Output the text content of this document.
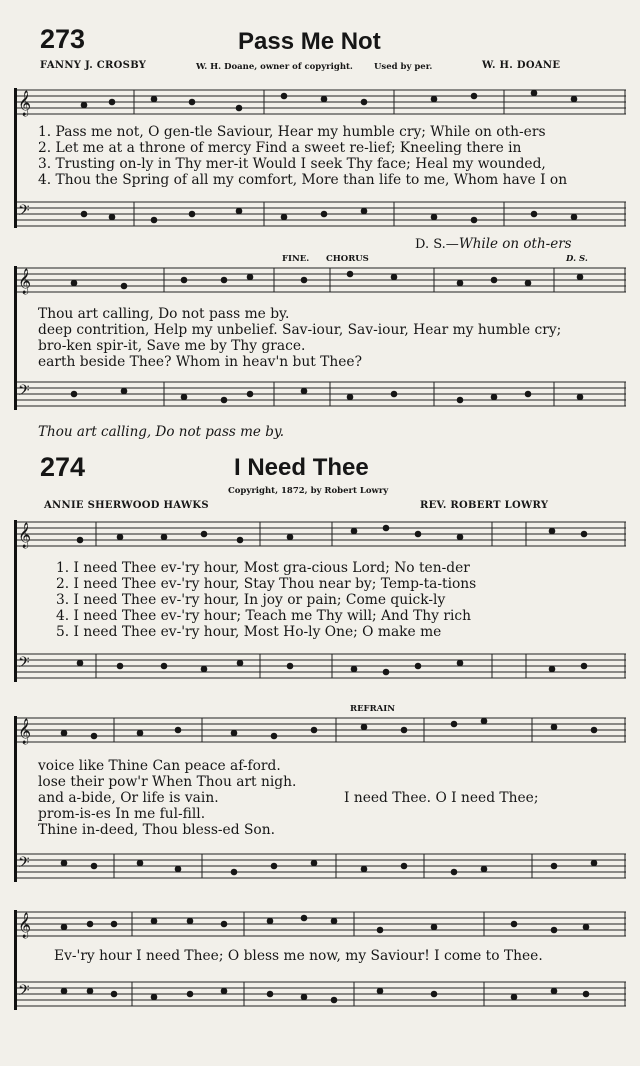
273	Pass Me Not
FANNY J. CROSBY	W. H. Doane, owner of copyright. Used by per.	W. H. DOANE
𝄞
1. Pass me not, O gen-tle Saviour, Hear my humble cry; While on oth-ers
2. Let me at a throne of mercy Find a sweet re-lief; Kneeling there in
3. Trusting on-ly in Thy mer-it Would I seek Thy face; Heal my wounded,
4. Thou the Spring of all my comfort, More than life to me, Whom have I on
𝄢
D. S.—While on oth-ers
FINE. CHORUS	D. S.
𝄞
Thou art calling, Do not pass me by.
deep contrition, Help my unbelief. Sav-iour, Sav-iour, Hear my humble cry;
bro-ken spir-it, Save me by Thy grace.
earth beside Thee? Whom in heav'n but Thee?
𝄢
Thou art calling, Do not pass me by.
274	I Need Thee
Copyright, 1872, by Robert Lowry
ANNIE SHERWOOD HAWKS	REV. ROBERT LOWRY
𝄞
1. I need Thee ev-'ry hour, Most gra-cious Lord; No ten-der
2. I need Thee ev-'ry hour, Stay Thou near by; Temp-ta-tions
3. I need Thee ev-'ry hour, In joy or pain; Come quick-ly
4. I need Thee ev-'ry hour; Teach me Thy will; And Thy rich
5. I need Thee ev-'ry hour, Most Ho-ly One; O make me
𝄢
REFRAIN
𝄞
voice like Thine Can peace af-ford.
lose their pow'r When Thou art nigh.
and a-bide, Or life is vain.	I need Thee. O I need Thee;
prom-is-es In me ful-fill.
Thine in-deed, Thou bless-ed Son.
𝄢
𝄞
Ev-'ry hour I need Thee; O bless me now, my Saviour! I come to Thee.
𝄢
